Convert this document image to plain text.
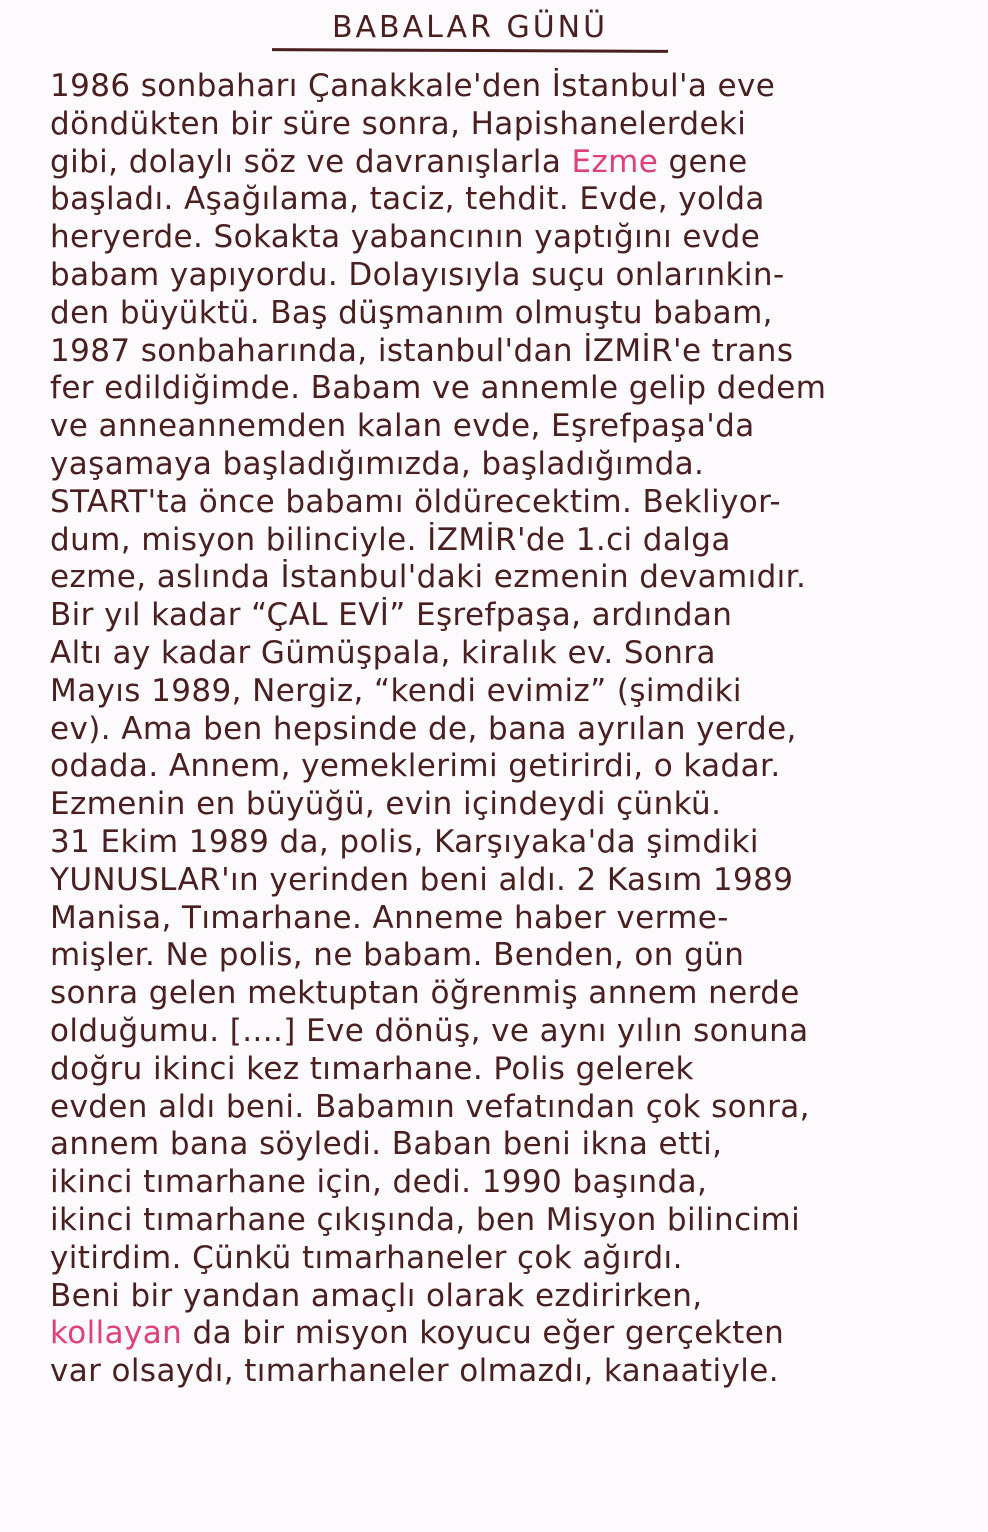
BABALAR GÜNÜ
1986 sonbaharı Çanakkale'den İstanbul'a eve
döndükten bir süre sonra, Hapishanelerdeki
gibi, dolaylı söz ve davranışlarla Ezme gene
başladı. Aşağılama, taciz, tehdit. Evde, yolda
heryerde. Sokakta yabancının yaptığını evde
babam yapıyordu. Dolayısıyla suçu onlarınkin-
den büyüktü. Baş düşmanım olmuştu babam,
1987 sonbaharında, istanbul'dan İZMİR'e trans
fer edildiğimde. Babam ve annemle gelip dedem
ve anneannemden kalan evde, Eşrefpaşa'da
yaşamaya başladığımızda, başladığımda.
START'ta önce babamı öldürecektim. Bekliyor-
dum, misyon bilinciyle. İZMİR'de 1.ci dalga
ezme, aslında İstanbul'daki ezmenin devamıdır.
Bir yıl kadar “ÇAL EVİ” Eşrefpaşa, ardından
Altı ay kadar Gümüşpala, kiralık ev. Sonra
Mayıs 1989, Nergiz, “kendi evimiz” (şimdiki
ev). Ama ben hepsinde de, bana ayrılan yerde,
odada. Annem, yemeklerimi getirirdi, o kadar.
Ezmenin en büyüğü, evin içindeydi çünkü.
31 Ekim 1989 da, polis, Karşıyaka'da şimdiki
YUNUSLAR'ın yerinden beni aldı. 2 Kasım 1989
Manisa, Tımarhane. Anneme haber verme-
mişler. Ne polis, ne babam. Benden, on gün
sonra gelen mektuptan öğrenmiş annem nerde
olduğumu. [....] Eve dönüş, ve aynı yılın sonuna
doğru ikinci kez tımarhane. Polis gelerek
evden aldı beni. Babamın vefatından çok sonra,
annem bana söyledi. Baban beni ikna etti,
ikinci tımarhane için, dedi. 1990 başında,
ikinci tımarhane çıkışında, ben Misyon bilincimi
yitirdim. Çünkü tımarhaneler çok ağırdı.
Beni bir yandan amaçlı olarak ezdirirken,
kollayan da bir misyon koyucu eğer gerçekten
var olsaydı, tımarhaneler olmazdı, kanaatiyle.
